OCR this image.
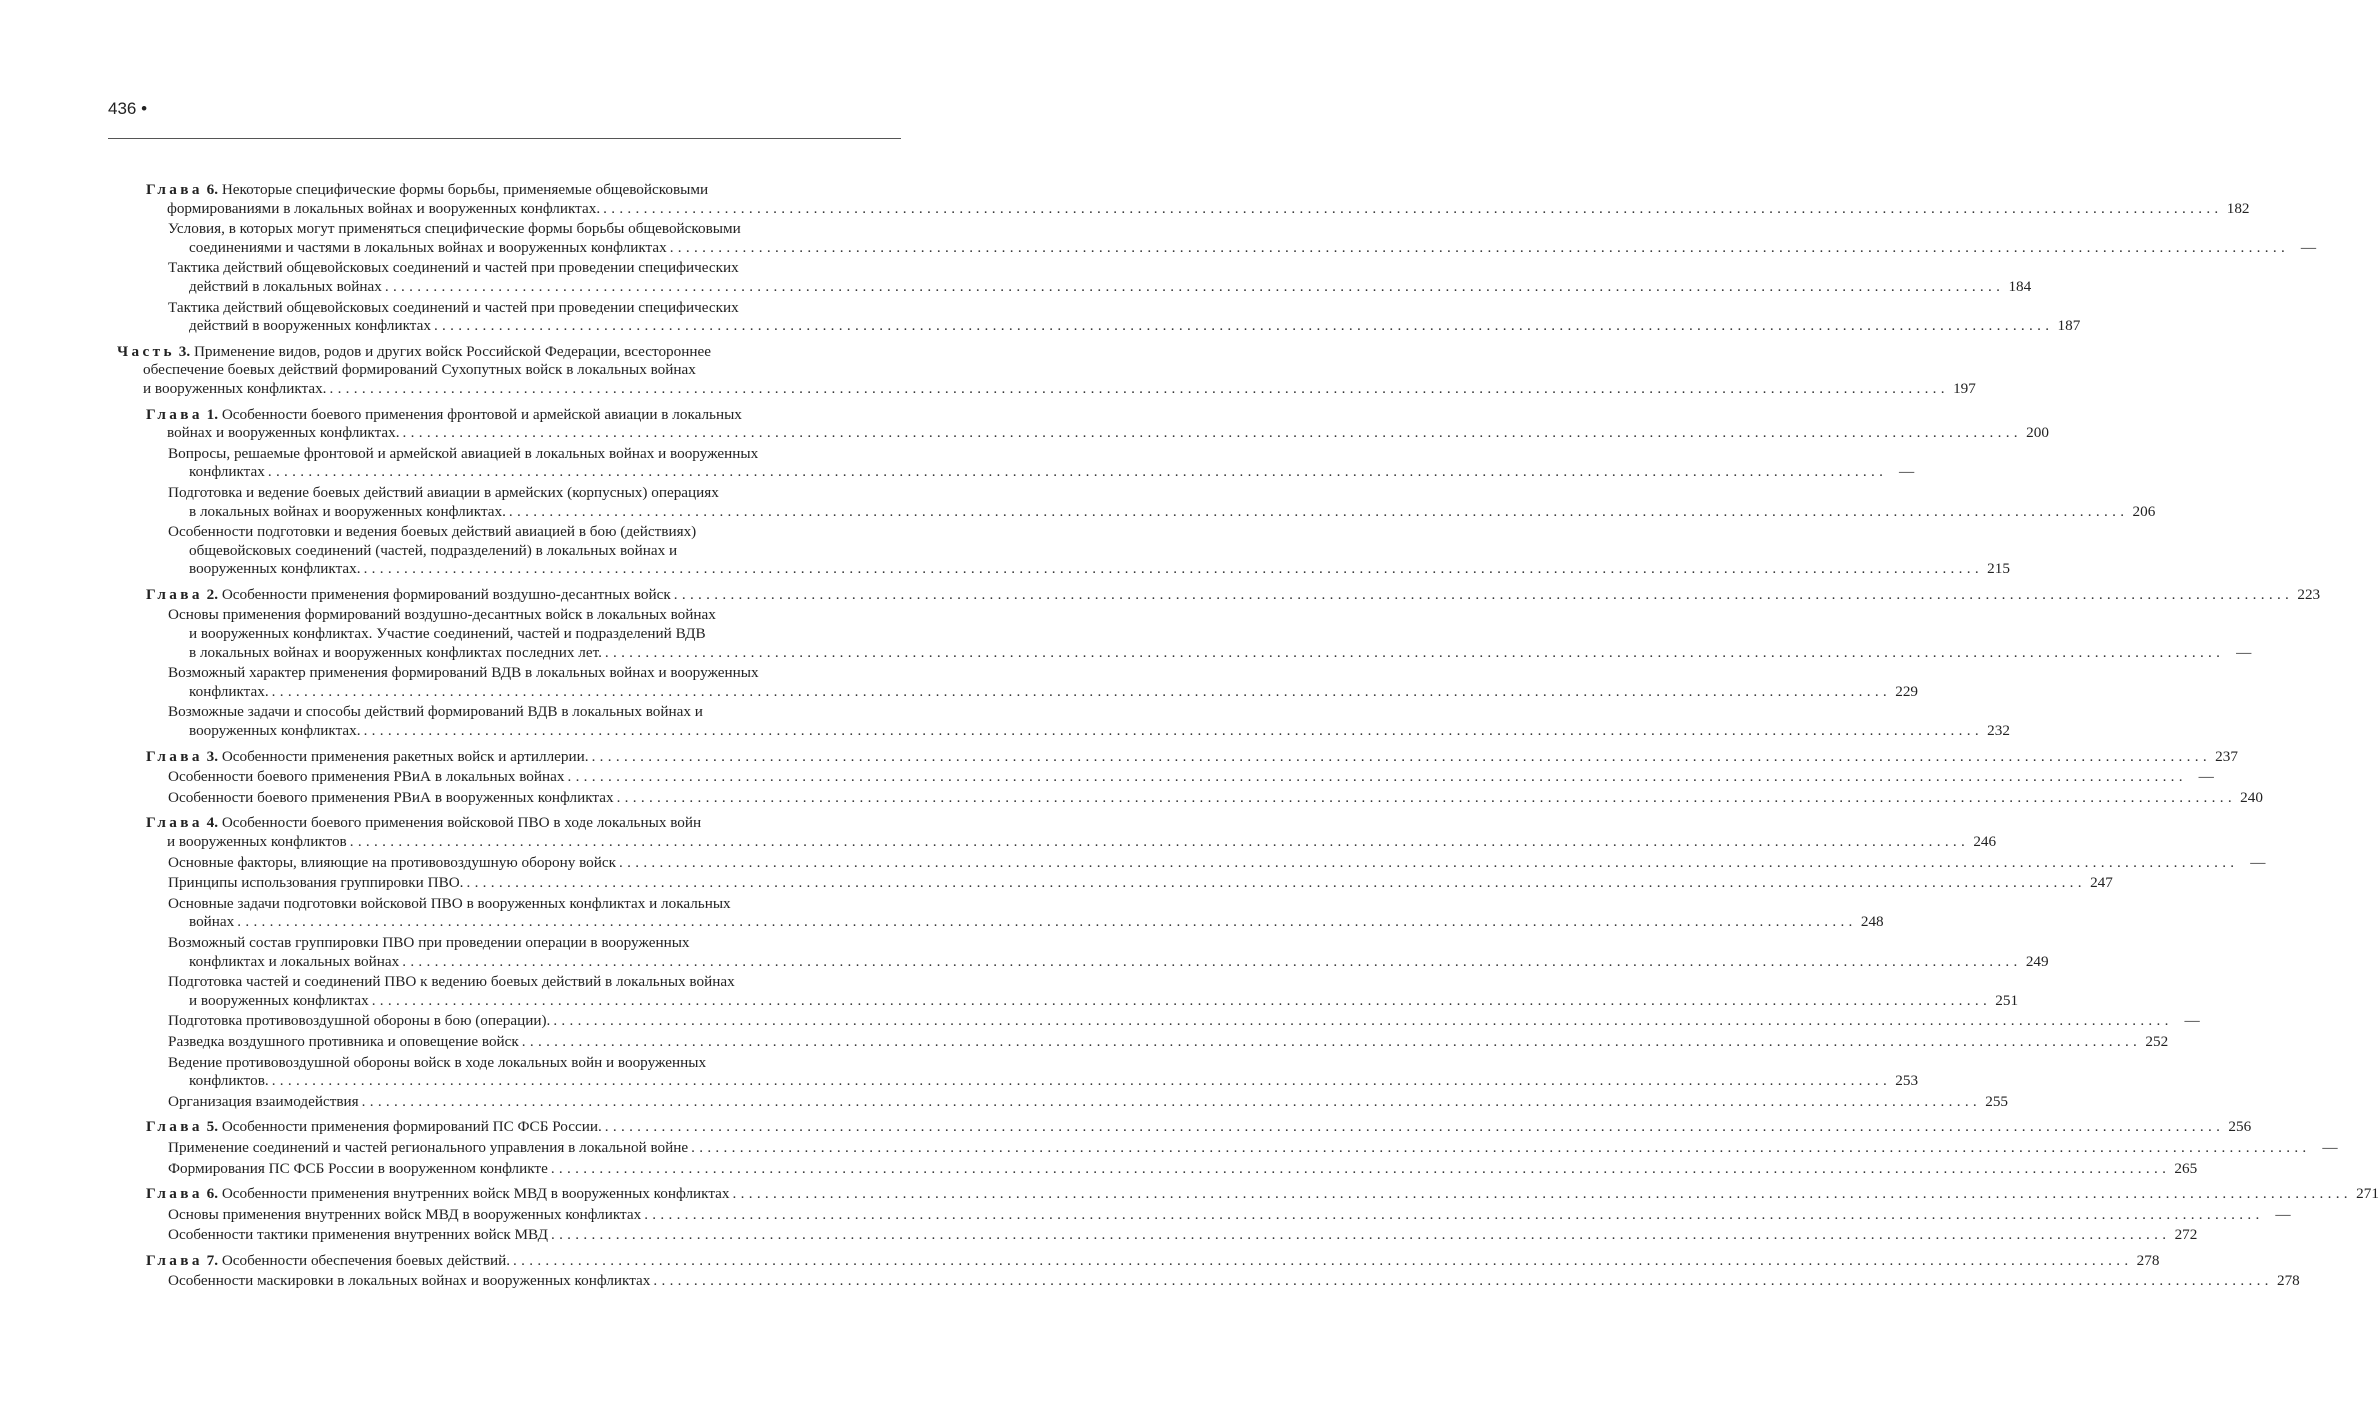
436 •
Глава 6. Некоторые специфические формы борьбы, применяемые общевойсковыми
формированиями в локальных войнах и вооруженных конфликтах. ........................................................................................................................................................................................................ 182
Условия, в которых могут применяться специфические формы борьбы общевойсковыми
соединениями и частями в локальных войнах и вооруженных конфликтах ........................................................................................................................................................................................................ —
Тактика действий общевойсковых соединений и частей при проведении специфических
действий в локальных войнах ........................................................................................................................................................................................................ 184
Тактика действий общевойсковых соединений и частей при проведении специфических
действий в вооруженных конфликтах ........................................................................................................................................................................................................ 187
Часть 3. Применение видов, родов и других войск Российской Федерации, всестороннее
обеспечение боевых действий формирований Сухопутных войск в локальных войнах
и вооруженных конфликтах. ........................................................................................................................................................................................................ 197
Глава 1. Особенности боевого применения фронтовой и армейской авиации в локальных
войнах и вооруженных конфликтах. ........................................................................................................................................................................................................ 200
Вопросы, решаемые фронтовой и армейской авиацией в локальных войнах и вооруженных
конфликтах ........................................................................................................................................................................................................ —
Подготовка и ведение боевых действий авиации в армейских (корпусных) операциях
в локальных войнах и вооруженных конфликтах. ........................................................................................................................................................................................................ 206
Особенности подготовки и ведения боевых действий авиацией в бою (действиях)
общевойсковых соединений (частей, подразделений) в локальных войнах и
вооруженных конфликтах. ........................................................................................................................................................................................................ 215
Глава 2. Особенности применения формирований воздушно-десантных войск ........................................................................................................................................................................................................ 223
Основы применения формирований воздушно-десантных войск в локальных войнах
и вооруженных конфликтах. Участие соединений, частей и подразделений ВДВ
в локальных войнах и вооруженных конфликтах последних лет. ........................................................................................................................................................................................................ —
Возможный характер применения формирований ВДВ в локальных войнах и вооруженных
конфликтах. ........................................................................................................................................................................................................ 229
Возможные задачи и способы действий формирований ВДВ в локальных войнах и
вооруженных конфликтах. ........................................................................................................................................................................................................ 232
Глава 3. Особенности применения ракетных войск и артиллерии. ........................................................................................................................................................................................................ 237
Особенности боевого применения РВиА в локальных войнах ........................................................................................................................................................................................................ —
Особенности боевого применения РВиА в вооруженных конфликтах ........................................................................................................................................................................................................ 240
Глава 4. Особенности боевого применения войсковой ПВО в ходе локальных войн
и вооруженных конфликтов ........................................................................................................................................................................................................ 246
Основные факторы, влияющие на противовоздушную оборону войск ........................................................................................................................................................................................................ —
Принципы использования группировки ПВО. ........................................................................................................................................................................................................ 247
Основные задачи подготовки войсковой ПВО в вооруженных конфликтах и локальных
войнах ........................................................................................................................................................................................................ 248
Возможный состав группировки ПВО при проведении операции в вооруженных
конфликтах и локальных войнах ........................................................................................................................................................................................................ 249
Подготовка частей и соединений ПВО к ведению боевых действий в локальных войнах
и вооруженных конфликтах ........................................................................................................................................................................................................ 251
Подготовка противовоздушной обороны в бою (операции). ........................................................................................................................................................................................................ —
Разведка воздушного противника и оповещение войск ........................................................................................................................................................................................................ 252
Ведение противовоздушной обороны войск в ходе локальных войн и вооруженных
конфликтов. ........................................................................................................................................................................................................ 253
Организация взаимодействия ........................................................................................................................................................................................................ 255
Глава 5. Особенности применения формирований ПС ФСБ России. ........................................................................................................................................................................................................ 256
Применение соединений и частей регионального управления в локальной войне ........................................................................................................................................................................................................ —
Формирования ПС ФСБ России в вооруженном конфликте ........................................................................................................................................................................................................ 265
Глава 6. Особенности применения внутренних войск МВД в вооруженных конфликтах ........................................................................................................................................................................................................ 271
Основы применения внутренних войск МВД в вооруженных конфликтах ........................................................................................................................................................................................................ —
Особенности тактики применения внутренних войск МВД ........................................................................................................................................................................................................ 272
Глава 7. Особенности обеспечения боевых действий. ........................................................................................................................................................................................................ 278
Особенности маскировки в локальных войнах и вооруженных конфликтах ........................................................................................................................................................................................................ 278
